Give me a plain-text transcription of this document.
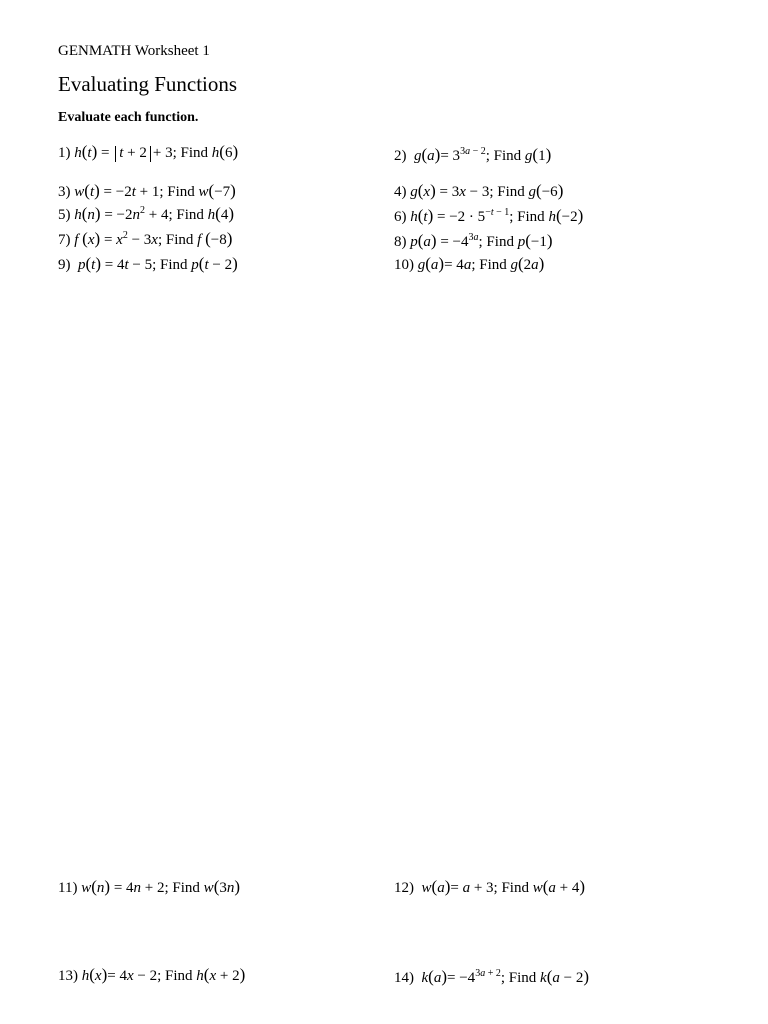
GENMATH Worksheet 1
Evaluating Functions
Evaluate each function.
1) h(t) = t + 2 + 3; Find h(6)	2) $g(a)= 3^{3a - 2}$; Find g(1)
3) w(t) = −2t + 1; Find w(−7)	4) g(x) = 3x − 3; Find g(−6)
5) $h(n) = -2n^2 + 4$; Find h(4)	6) $h(t) = -2 \cdot 5^{-t - 1}$; Find h(−2)
7) f $(x) = x^2 - 3x$; Find f (−8)	8) $p(a) = -4^{3a}$; Find p(−1)
9) p(t) = 4t − 5; Find p(t − 2)	10) g(a)= 4a; Find g(2a)
11) w(n) = 4n + 2; Find w(3n)	12) w(a)= a + 3; Find w(a + 4)
13) h(x)= 4x − 2; Find h(x + 2)	14) $k(a)= -4^{3a + 2}$; Find k(a − 2)
